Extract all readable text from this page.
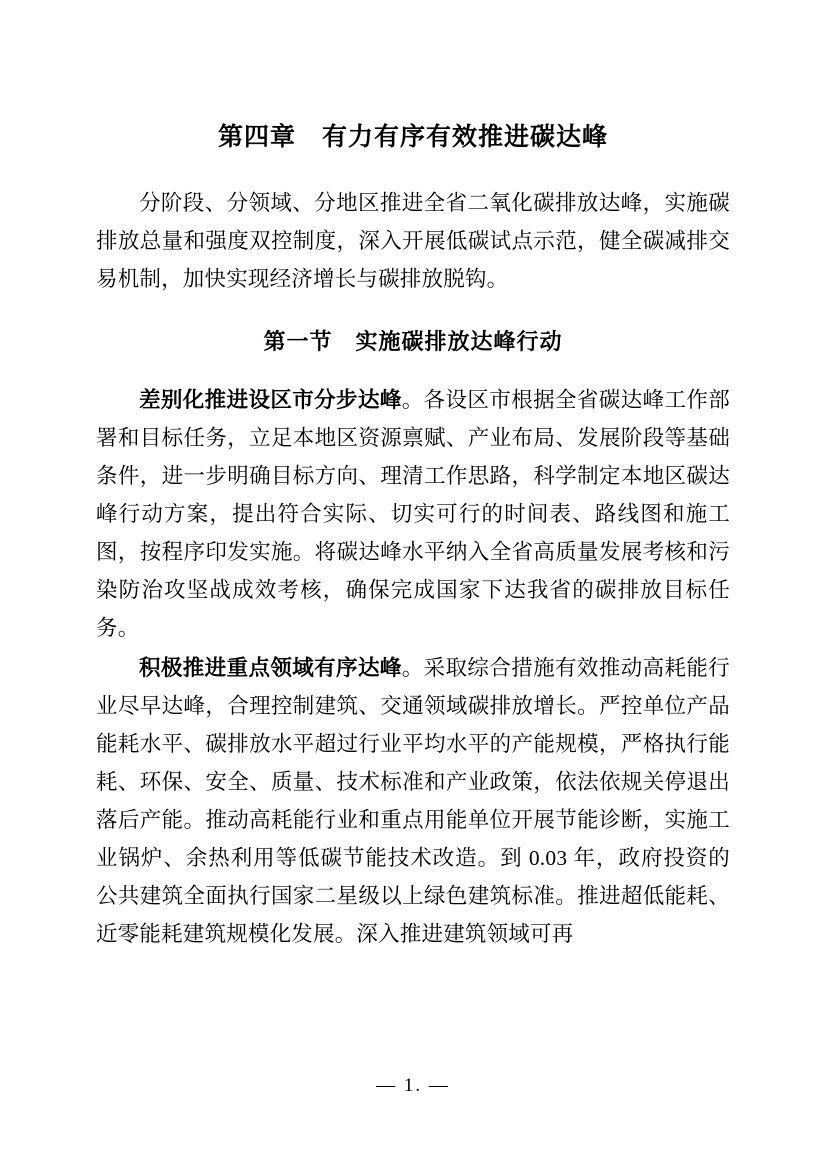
第四章　有力有序有效推进碳达峰

分阶段、分领域、分地区推进全省二氧化碳排放达峰，实施碳排放总量和强度双控制度，深入开展低碳试点示范，健全碳减排交易机制，加快实现经济增长与碳排放脱钩。

第一节　实施碳排放达峰行动

差别化推进设区市分步达峰。各设区市根据全省碳达峰工作部署和目标任务，立足本地区资源禀赋、产业布局、发展阶段等基础条件，进一步明确目标方向、理清工作思路，科学制定本地区碳达峰行动方案，提出符合实际、切实可行的时间表、路线图和施工图，按程序印发实施。将碳达峰水平纳入全省高质量发展考核和污染防治攻坚战成效考核，确保完成国家下达我省的碳排放目标任务。

积极推进重点领域有序达峰。采取综合措施有效推动高耗能行业尽早达峰，合理控制建筑、交通领域碳排放增长。严控单位产品能耗水平、碳排放水平超过行业平均水平的产能规模，严格执行能耗、环保、安全、质量、技术标准和产业政策，依法依规关停退出落后产能。推动高耗能行业和重点用能单位开展节能诊断，实施工业锅炉、余热利用等低碳节能技术改造。到 0.03 年，政府投资的公共建筑全面执行国家二星级以上绿色建筑标准。推进超低能耗、近零能耗建筑规模化发展。深入推进建筑领域可再

— 1. —
